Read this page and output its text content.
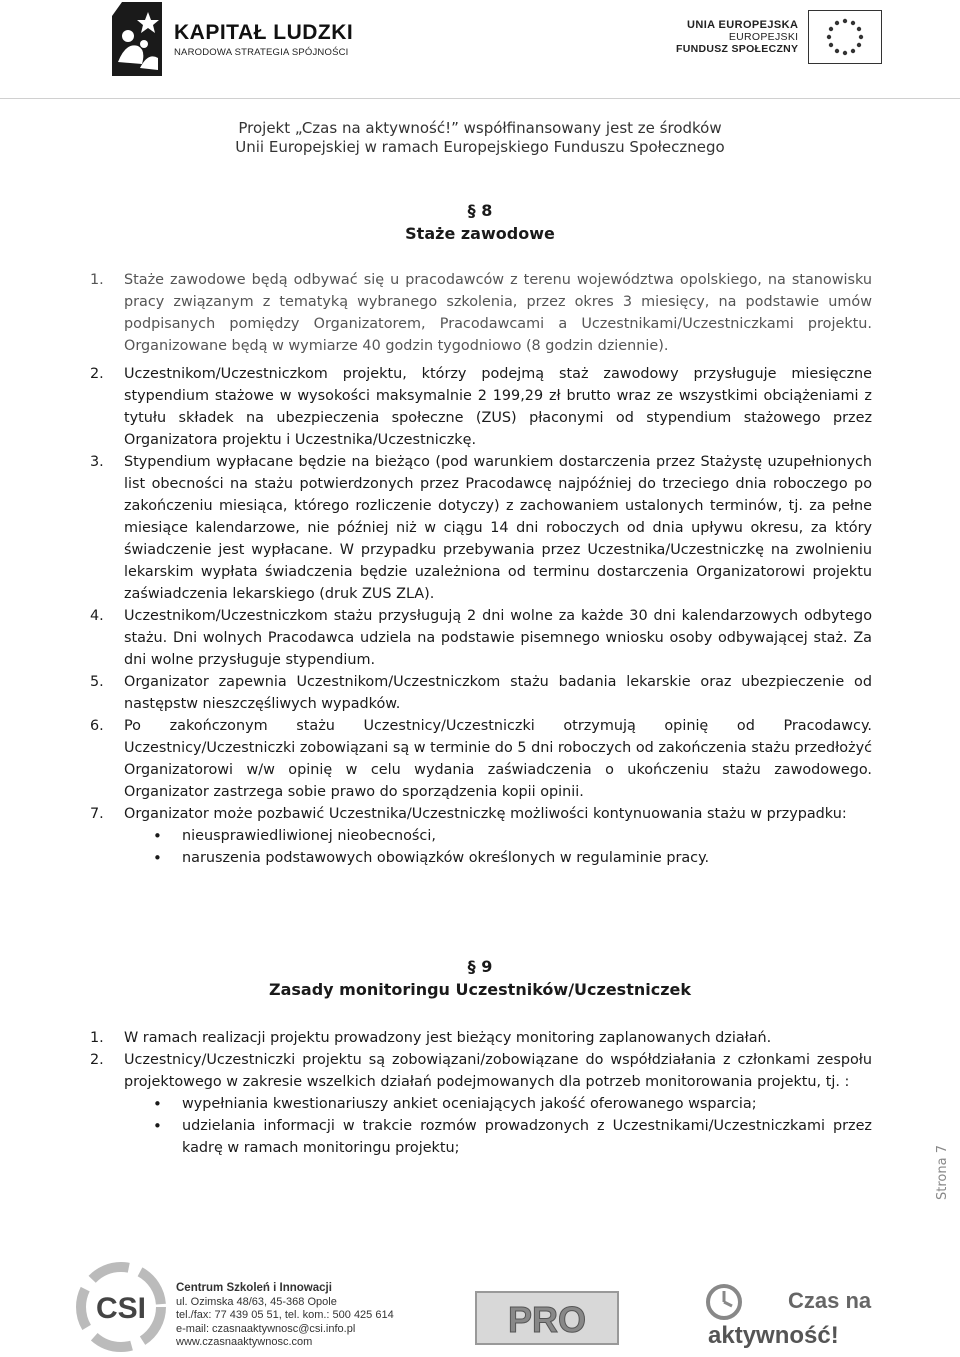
KAPITAŁ LUDZKI
NARODOWA STRATEGIA SPÓJNOŚCI
UNIA EUROPEJSKA
EUROPEJSKI
FUNDUSZ SPOŁECZNY
Projekt „Czas na aktywność!” współfinansowany jest ze środków
Unii Europejskiej w ramach Europejskiego Funduszu Społecznego
§ 8
Staże zawodowe
1. Staże zawodowe będą odbywać się u pracodawców z terenu województwa opolskiego, na stanowisku pracy związanym z tematyką wybranego szkolenia, przez okres 3 miesięcy, na podstawie umów podpisanych pomiędzy Organizatorem, Pracodawcami a Uczestnikami/Uczestniczkami projektu. Organizowane będą w wymiarze 40 godzin tygodniowo (8 godzin dziennie).
2. Uczestnikom/Uczestniczkom projektu, którzy podejmą staż zawodowy przysługuje miesięczne stypendium stażowe w wysokości maksymalnie 2 199,29 zł brutto wraz ze wszystkimi obciążeniami z tytułu składek na ubezpieczenia społeczne (ZUS) płaconymi od stypendium stażowego przez Organizatora projektu i Uczestnika/Uczestniczkę.
3. Stypendium wypłacane będzie na bieżąco (pod warunkiem dostarczenia przez Stażystę uzupełnionych list obecności na stażu potwierdzonych przez Pracodawcę najpóźniej do trzeciego dnia roboczego po zakończeniu miesiąca, którego rozliczenie dotyczy) z zachowaniem ustalonych terminów, tj. za pełne miesiące kalendarzowe, nie później niż w ciągu 14 dni roboczych od dnia upływu okresu, za który świadczenie jest wypłacane. W przypadku przebywania przez Uczestnika/Uczestniczkę na zwolnieniu lekarskim wypłata świadczenia będzie uzależniona od terminu dostarczenia Organizatorowi projektu zaświadczenia lekarskiego (druk ZUS ZLA).
4. Uczestnikom/Uczestniczkom stażu przysługują 2 dni wolne za każde 30 dni kalendarzowych odbytego stażu. Dni wolnych Pracodawca udziela na podstawie pisemnego wniosku osoby odbywającej staż. Za dni wolne przysługuje stypendium.
5. Organizator zapewnia Uczestnikom/Uczestniczkom stażu badania lekarskie oraz ubezpieczenie od następstw nieszczęśliwych wypadków.
6. Po zakończonym stażu Uczestnicy/Uczestniczki otrzymują opinię od Pracodawcy. Uczestnicy/Uczestniczki zobowiązani są w terminie do 5 dni roboczych od zakończenia stażu przedłożyć Organizatorowi w/w opinię w celu wydania zaświadczenia o ukończeniu stażu zawodowego. Organizator zastrzega sobie prawo do sporządzenia kopii opinii.
7. Organizator może pozbawić Uczestnika/Uczestniczkę możliwości kontynuowania stażu w przypadku:
• nieusprawiedliwionej nieobecności,
• naruszenia podstawowych obowiązków określonych w regulaminie pracy.
§ 9
Zasady monitoringu Uczestników/Uczestniczek
1. W ramach realizacji projektu prowadzony jest bieżący monitoring zaplanowanych działań.
2. Uczestnicy/Uczestniczki projektu są zobowiązani/zobowiązane do współdziałania z członkami zespołu projektowego w zakresie wszelkich działań podejmowanych dla potrzeb monitorowania projektu, tj. :
• wypełniania kwestionariuszy ankiet oceniających jakość oferowanego wsparcia;
• udzielania informacji w trakcie rozmów prowadzonych z Uczestnikami/Uczestniczkami przez kadrę w ramach monitoringu projektu;	Strona 7
CSI
Centrum Szkoleń i Innowacji
ul. Ozimska 48/63, 45-368 Opole
tel./fax: 77 439 05 51, tel. kom.: 500 425 614
e-mail: czasnaaktywnosc@csi.info.pl
www.czasnaaktywnosc.com
PRO	Czas na
aktywność!
